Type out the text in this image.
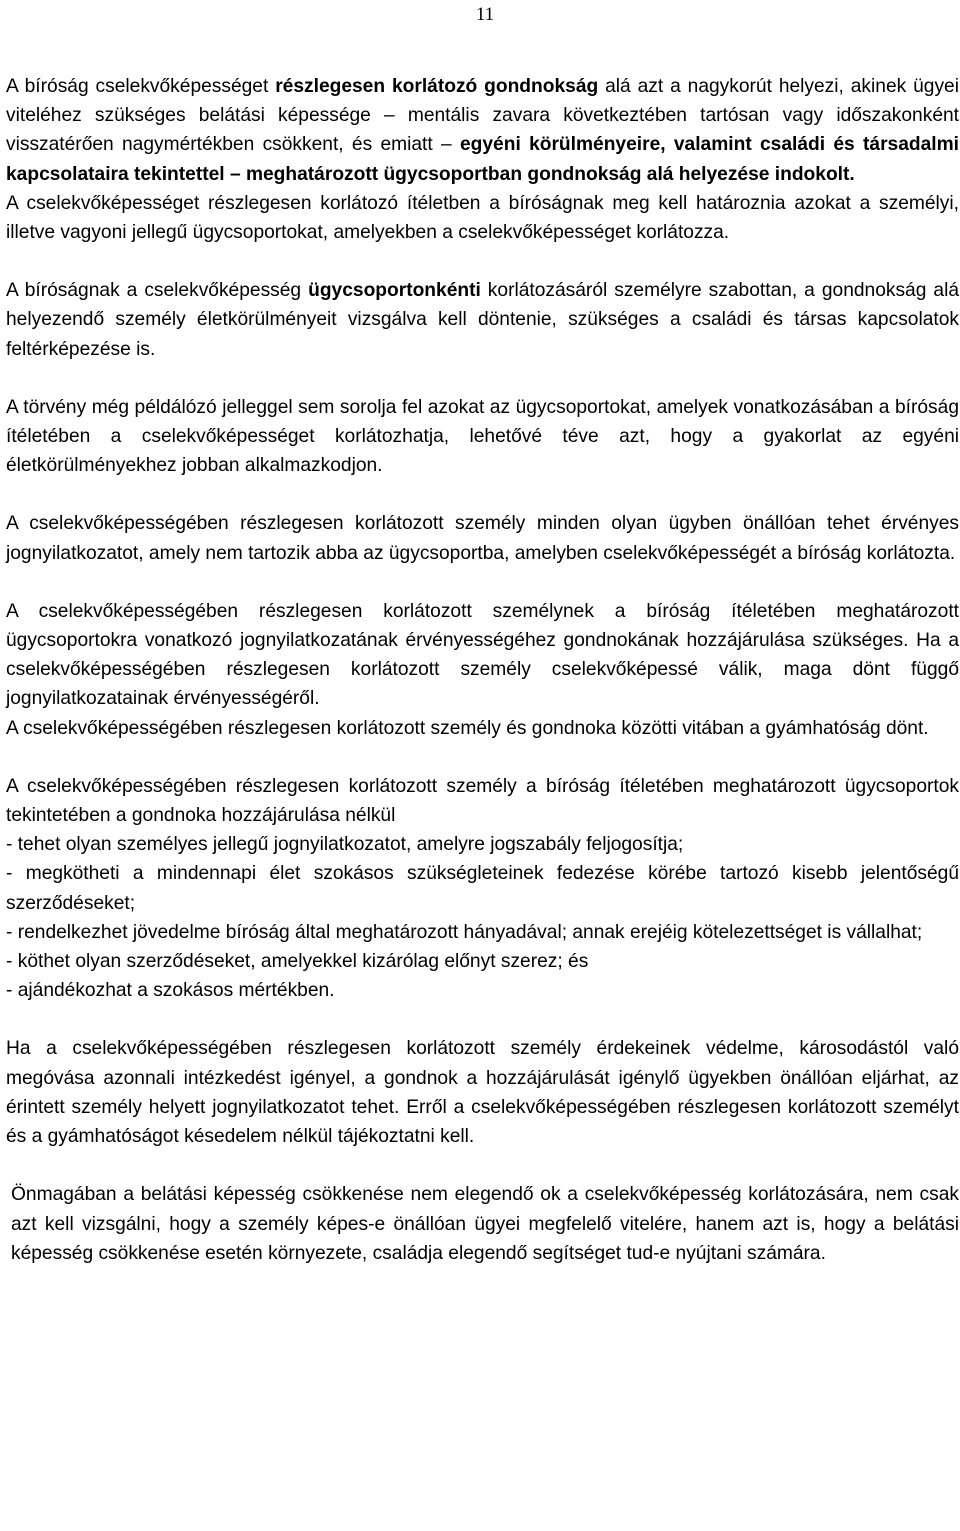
11

A bíróság cselekvőképességet részlegesen korlátozó gondnokság alá azt a nagykorút helyezi, akinek ügyei viteléhez szükséges belátási képessége – mentális zavara következtében tartósan vagy időszakonként visszatérően nagymértékben csökkent, és emiatt – egyéni körülményeire, valamint családi és társadalmi kapcsolataira tekintettel – meghatározott ügycsoportban gondnokság alá helyezése indokolt.

A cselekvőképességet részlegesen korlátozó ítéletben a bíróságnak meg kell határoznia azokat a személyi, illetve vagyoni jellegű ügycsoportokat, amelyekben a cselekvőképességet korlátozza.

A bíróságnak a cselekvőképesség ügycsoportonkénti korlátozásáról személyre szabottan, a gondnokság alá helyezendő személy életkörülményeit vizsgálva kell döntenie, szükséges a családi és társas kapcsolatok feltérképezése is.

A törvény még példálózó jelleggel sem sorolja fel azokat az ügycsoportokat, amelyek vonatkozásában a bíróság ítéletében a cselekvőképességet korlátozhatja, lehetővé téve azt, hogy a gyakorlat az egyéni életkörülményekhez jobban alkalmazkodjon.

A cselekvőképességében részlegesen korlátozott személy minden olyan ügyben önállóan tehet érvényes jognyilatkozatot, amely nem tartozik abba az ügycsoportba, amelyben cselekvőképességét a bíróság korlátozta.

A cselekvőképességében részlegesen korlátozott személynek a bíróság ítéletében meghatározott ügycsoportokra vonatkozó jognyilatkozatának érvényességéhez gondnokának hozzájárulása szükséges. Ha a cselekvőképességében részlegesen korlátozott személy cselekvőképessé válik, maga dönt függő jognyilatkozatainak érvényességéről.

A cselekvőképességében részlegesen korlátozott személy és gondnoka közötti vitában a gyámhatóság dönt.

A cselekvőképességében részlegesen korlátozott személy a bíróság ítéletében meghatározott ügycsoportok tekintetében a gondnoka hozzájárulása nélkül

- tehet olyan személyes jellegű jognyilatkozatot, amelyre jogszabály feljogosítja;

- megkötheti a mindennapi élet szokásos szükségleteinek fedezése körébe tartozó kisebb jelentőségű szerződéseket;

- rendelkezhet jövedelme bíróság által meghatározott hányadával; annak erejéig kötelezettséget is vállalhat;

- köthet olyan szerződéseket, amelyekkel kizárólag előnyt szerez; és

- ajándékozhat a szokásos mértékben.

Ha a cselekvőképességében részlegesen korlátozott személy érdekeinek védelme, károsodástól való megóvása azonnali intézkedést igényel, a gondnok a hozzájárulását igénylő ügyekben önállóan eljárhat, az érintett személy helyett jognyilatkozatot tehet. Erről a cselekvőképességében részlegesen korlátozott személyt és a gyámhatóságot késedelem nélkül tájékoztatni kell.

Önmagában a belátási képesség csökkenése nem elegendő ok a cselekvőképesség korlátozására, nem csak azt kell vizsgálni, hogy a személy képes-e önállóan ügyei megfelelő vitelére, hanem azt is, hogy a belátási képesség csökkenése esetén környezete, családja elegendő segítséget tud-e nyújtani számára.
